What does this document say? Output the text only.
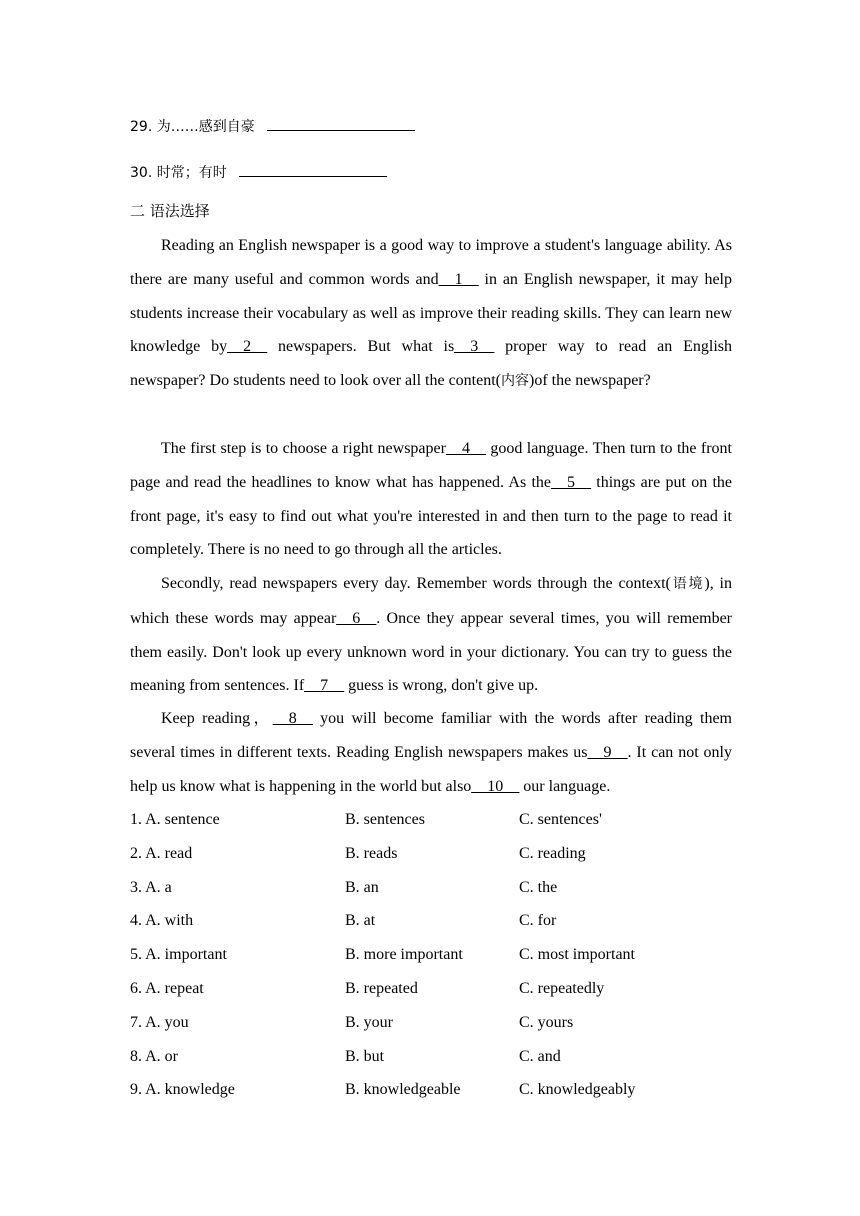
29. 为……感到自豪
30. 时常；有时
二 语法选择
Reading an English newspaper is a good way to improve a student's language ability. As there are many useful and common words and__1__ in an English newspaper, it may help students increase their vocabulary as well as improve their reading skills. They can learn new knowledge by__2__ newspapers. But what is__3__ proper way to read an English newspaper? Do students need to look over all the content(内容)of the newspaper?
The first step is to choose a right newspaper__4__ good language. Then turn to the front page and read the headlines to know what has happened. As the__5__ things are put on the front page, it's easy to find out what you're interested in and then turn to the page to read it completely. There is no need to go through all the articles.
Secondly, read newspapers every day. Remember words through the context(语境), in which these words may appear__6__. Once they appear several times, you will remember them easily. Don't look up every unknown word in your dictionary. You can try to guess the meaning from sentences. If__7__ guess is wrong, don't give up.
Keep reading，__8__ you will become familiar with the words after reading them several times in different texts. Reading English newspapers makes us__9__. It can not only help us know what is happening in the world but also__10__ our language.
1. A. sentence	B. sentences	C. sentences'
2. A. read	B. reads	C. reading
3. A. a	B. an	C. the
4. A. with	B. at	C. for
5. A. important	B. more important	C. most important
6. A. repeat	B. repeated	C. repeatedly
7. A. you	B. your	C. yours
8. A. or	B. but	C. and
9. A. knowledge	B. knowledgeable	C. knowledgeably
